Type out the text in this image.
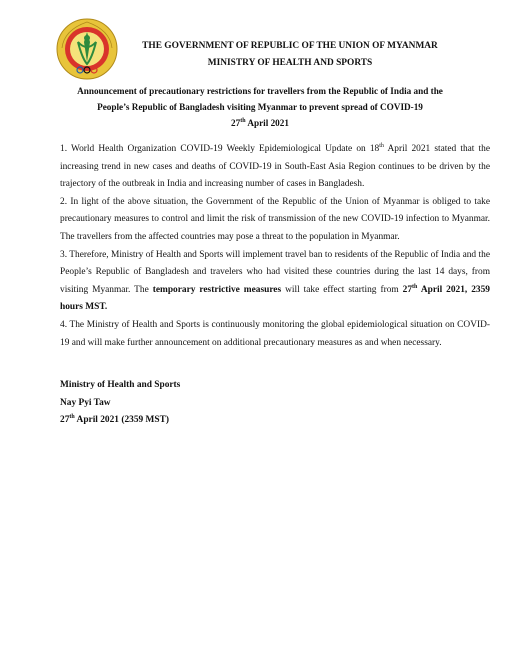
THE GOVERNMENT OF REPUBLIC OF THE UNION OF MYANMAR
MINISTRY OF HEALTH AND SPORTS
Announcement of precautionary restrictions for travellers from the Republic of India and the
People’s Republic of Bangladesh visiting Myanmar to prevent spread of COVID-19
27th April 2021

1. World Health Organization COVID-19 Weekly Epidemiological Update on 18th April 2021 stated that the increasing trend in new cases and deaths of COVID-19 in South-East Asia Region continues to be driven by the trajectory of the outbreak in India and increasing number of cases in Bangladesh.

2. In light of the above situation, the Government of the Republic of the Union of Myanmar is obliged to take precautionary measures to control and limit the risk of transmission of the new COVID-19 infection to Myanmar. The travellers from the affected countries may pose a threat to the population in Myanmar.

3. Therefore, Ministry of Health and Sports will implement travel ban to residents of the Republic of India and the People’s Republic of Bangladesh and travelers who had visited these countries during the last 14 days, from visiting Myanmar. The temporary restrictive measures will take effect starting from 27th April 2021, 2359 hours MST.

4. The Ministry of Health and Sports is continuously monitoring the global epidemiological situation on COVID-19 and will make further announcement on additional precautionary measures as and when necessary.

Ministry of Health and Sports
Nay Pyi Taw
27th April 2021 (2359 MST)
